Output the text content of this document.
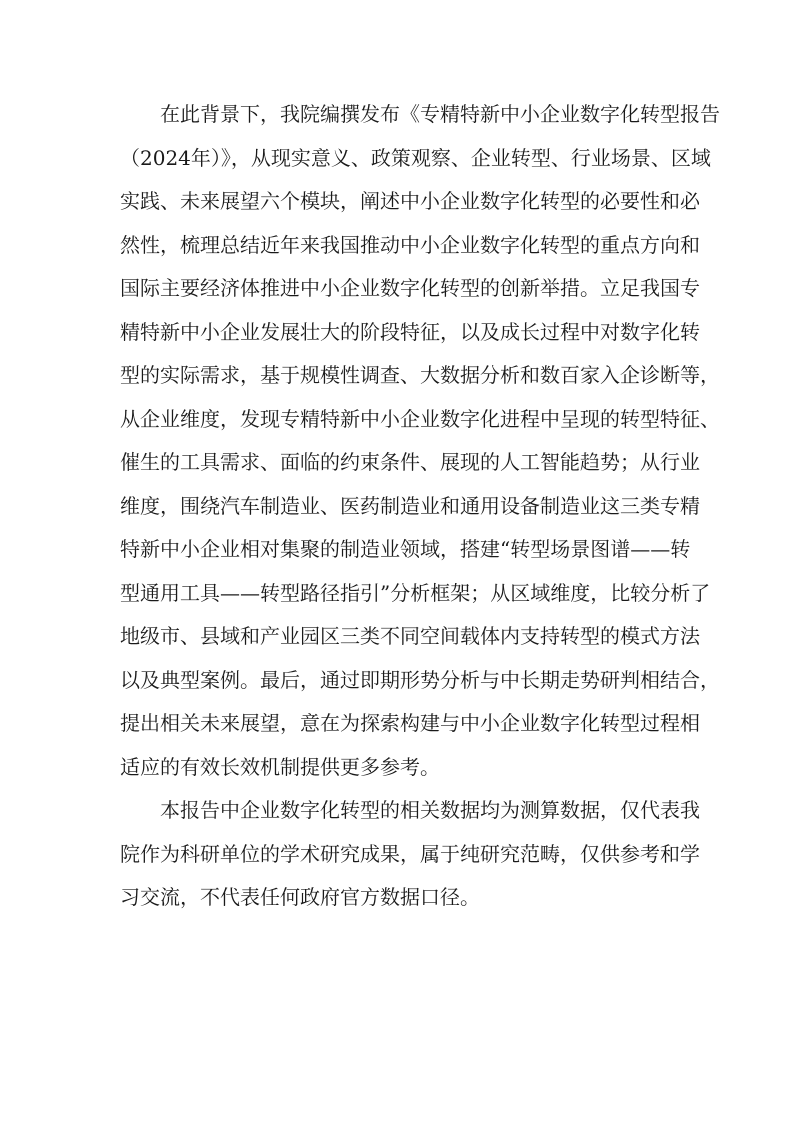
在此背景下，我院编撰发布《专精特新中小企业数字化转型报告
（2024年）》，从现实意义、政策观察、企业转型、行业场景、区域
实践、未来展望六个模块，阐述中小企业数字化转型的必要性和必
然性，梳理总结近年来我国推动中小企业数字化转型的重点方向和
国际主要经济体推进中小企业数字化转型的创新举措。立足我国专
精特新中小企业发展壮大的阶段特征，以及成长过程中对数字化转
型的实际需求，基于规模性调查、大数据分析和数百家入企诊断等，
从企业维度，发现专精特新中小企业数字化进程中呈现的转型特征、
催生的工具需求、面临的约束条件、展现的人工智能趋势；从行业
维度，围绕汽车制造业、医药制造业和通用设备制造业这三类专精
特新中小企业相对集聚的制造业领域，搭建“转型场景图谱——转
型通用工具——转型路径指引”分析框架；从区域维度，比较分析了
地级市、县域和产业园区三类不同空间载体内支持转型的模式方法
以及典型案例。最后，通过即期形势分析与中长期走势研判相结合，
提出相关未来展望，意在为探索构建与中小企业数字化转型过程相
适应的有效长效机制提供更多参考。
本报告中企业数字化转型的相关数据均为测算数据，仅代表我
院作为科研单位的学术研究成果，属于纯研究范畴，仅供参考和学
习交流，不代表任何政府官方数据口径。
